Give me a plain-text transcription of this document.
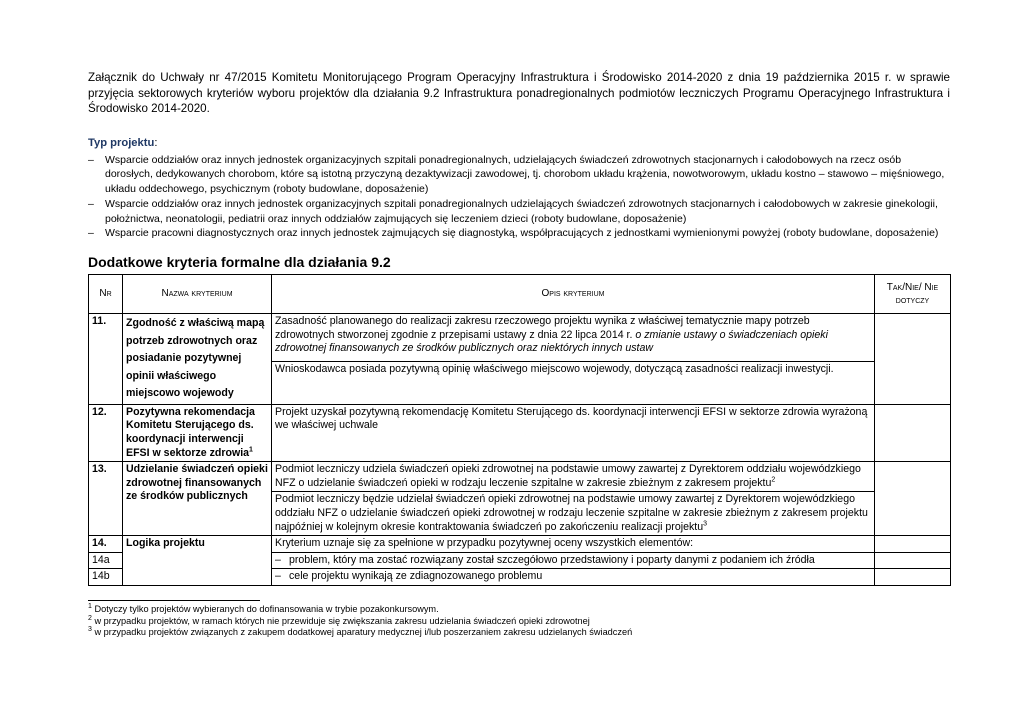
Załącznik do Uchwały nr 47/2015 Komitetu Monitorującego Program Operacyjny Infrastruktura i Środowisko 2014-2020 z dnia 19 października 2015 r. w sprawie przyjęcia sektorowych kryteriów wyboru projektów dla działania 9.2 Infrastruktura ponadregionalnych podmiotów leczniczych Programu Operacyjnego Infrastruktura i Środowisko 2014-2020.

Typ projektu:
– Wsparcie oddziałów oraz innych jednostek organizacyjnych szpitali ponadregionalnych, udzielających świadczeń zdrowotnych stacjonarnych i całodobowych na rzecz osób dorosłych, dedykowanych chorobom, które są istotną przyczyną dezaktywizacji zawodowej, tj. chorobom układu krążenia, nowotworowym, układu kostno – stawowo – mięśniowego, układu oddechowego, psychicznym (roboty budowlane, doposażenie)
– Wsparcie oddziałów oraz innych jednostek organizacyjnych szpitali ponadregionalnych udzielających świadczeń zdrowotnych stacjonarnych i całodobowych w zakresie ginekologii, położnictwa, neonatologii, pediatrii oraz innych oddziałów zajmujących się leczeniem dzieci (roboty budowlane, doposażenie)
– Wsparcie pracowni diagnostycznych oraz innych jednostek zajmujących się diagnostyką, współpracujących z jednostkami wymienionymi powyżej (roboty budowlane, doposażenie)
Dodatkowe kryteria formalne dla działania 9.2
Nr	Nazwa kryterium	Opis kryterium	Tak/Nie/ Nie dotyczy
11.	Zgodność z właściwą mapą potrzeb zdrowotnych oraz posiadanie pozytywnej opinii właściwego miejscowo wojewody	Zasadność planowanego do realizacji zakresu rzeczowego projektu wynika z właściwej tematycznie mapy potrzeb zdrowotnych stworzonej zgodnie z przepisami ustawy z dnia 22 lipca 2014 r. o zmianie ustawy o świadczeniach opieki zdrowotnej finansowanych ze środków publicznych oraz niektórych innych ustaw	
		Wnioskodawca posiada pozytywną opinię właściwego miejscowo wojewody, dotyczącą zasadności realizacji inwestycji.	
12.	Pozytywna rekomendacja Komitetu Sterującego ds. koordynacji interwencji EFSI w sektorze zdrowia$^1$	Projekt uzyskał pozytywną rekomendację Komitetu Sterującego ds. koordynacji interwencji EFSI w sektorze zdrowia wyrażoną we właściwej uchwale	
13.	Udzielanie świadczeń opieki zdrowotnej finansowanych ze środków publicznych	Podmiot leczniczy udziela świadczeń opieki zdrowotnej na podstawie umowy zawartej z Dyrektorem oddziału wojewódzkiego NFZ o udzielanie świadczeń opieki w rodzaju leczenie szpitalne w zakresie zbieżnym z zakresem projektu$^2$	
		Podmiot leczniczy będzie udzielał świadczeń opieki zdrowotnej na podstawie umowy zawartej z Dyrektorem wojewódzkiego oddziału NFZ o udzielanie świadczeń opieki zdrowotnej w rodzaju leczenie szpitalne w zakresie zbieżnym z zakresem projektu najpóźniej w kolejnym okresie kontraktowania świadczeń po zakończeniu realizacji projektu$^3$
14.	Logika projektu	Kryterium uznaje się za spełnione w przypadku pozytywnej oceny wszystkich elementów:	
14a		– problem, który ma zostać rozwiązany został szczegółowo przedstawiony i poparty danymi z podaniem ich źródła	
14b		– cele projektu wynikają ze zdiagnozowanego problemu	
$^1$ Dotyczy tylko projektów wybieranych do dofinansowania w trybie pozakonkursowym.
$^2$ w przypadku projektów, w ramach których nie przewiduje się zwiększania zakresu udzielania świadczeń opieki zdrowotnej
$^3$ w przypadku projektów związanych z zakupem dodatkowej aparatury medycznej i/lub poszerzaniem zakresu udzielanych świadczeń
